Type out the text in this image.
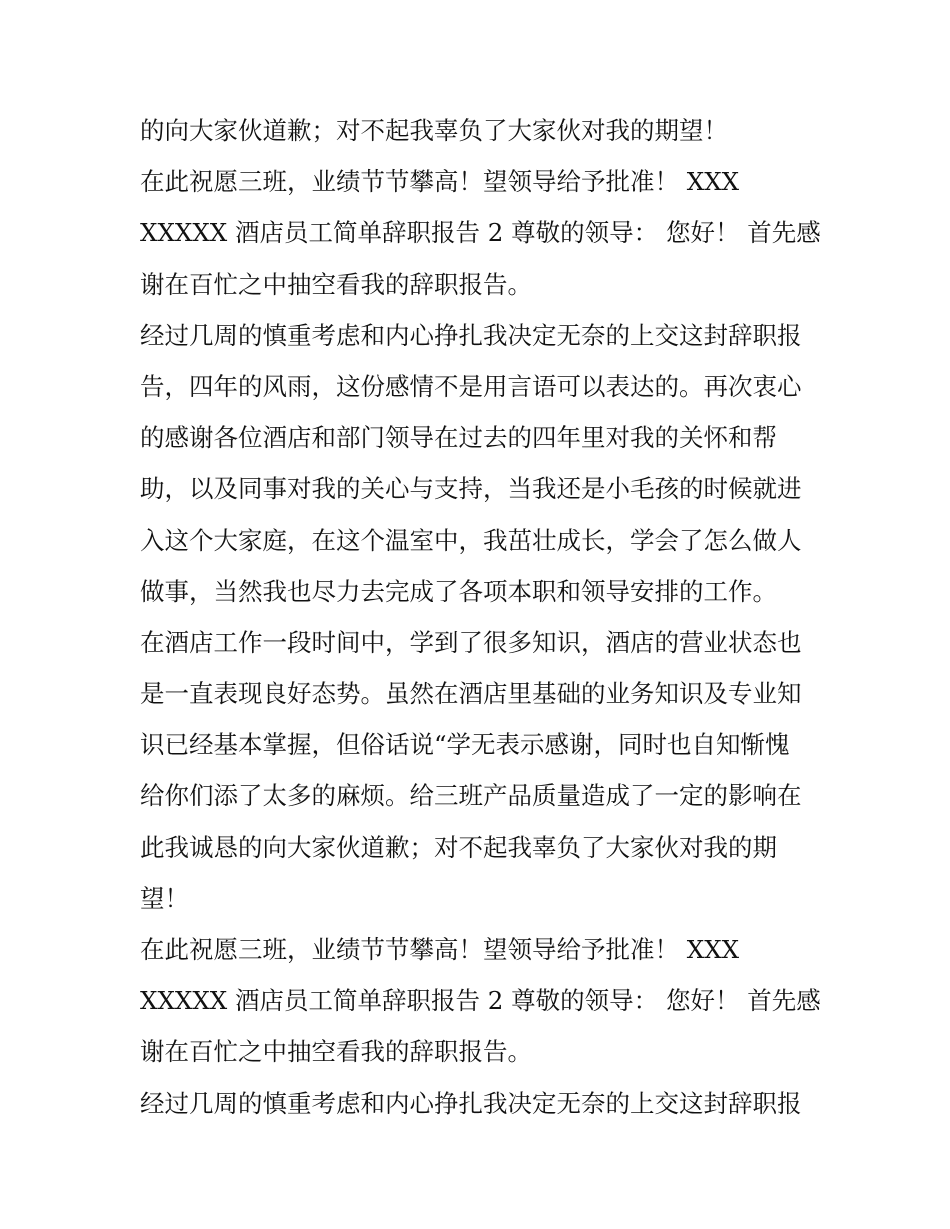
的向大家伙道歉；对不起我辜负了大家伙对我的期望！
在此祝愿三班，业绩节节攀高！望领导给予批准！ XXX
XXXXX 酒店员工简单辞职报告 2 尊敬的领导： 您好！ 首先感
谢在百忙之中抽空看我的辞职报告。
经过几周的慎重考虑和内心挣扎我决定无奈的上交这封辞职报
告，四年的风雨，这份感情不是用言语可以表达的。再次衷心
的感谢各位酒店和部门领导在过去的四年里对我的关怀和帮
助，以及同事对我的关心与支持，当我还是小毛孩的时候就进
入这个大家庭，在这个温室中，我茁壮成长，学会了怎么做人
做事，当然我也尽力去完成了各项本职和领导安排的工作。
在酒店工作一段时间中，学到了很多知识，酒店的营业状态也
是一直表现良好态势。虽然在酒店里基础的业务知识及专业知
识已经基本掌握，但俗话说“学无表示感谢，同时也自知惭愧
给你们添了太多的麻烦。给三班产品质量造成了一定的影响在
此我诚恳的向大家伙道歉；对不起我辜负了大家伙对我的期
望！
在此祝愿三班，业绩节节攀高！望领导给予批准！ XXX
XXXXX 酒店员工简单辞职报告 2 尊敬的领导： 您好！ 首先感
谢在百忙之中抽空看我的辞职报告。
经过几周的慎重考虑和内心挣扎我决定无奈的上交这封辞职报
